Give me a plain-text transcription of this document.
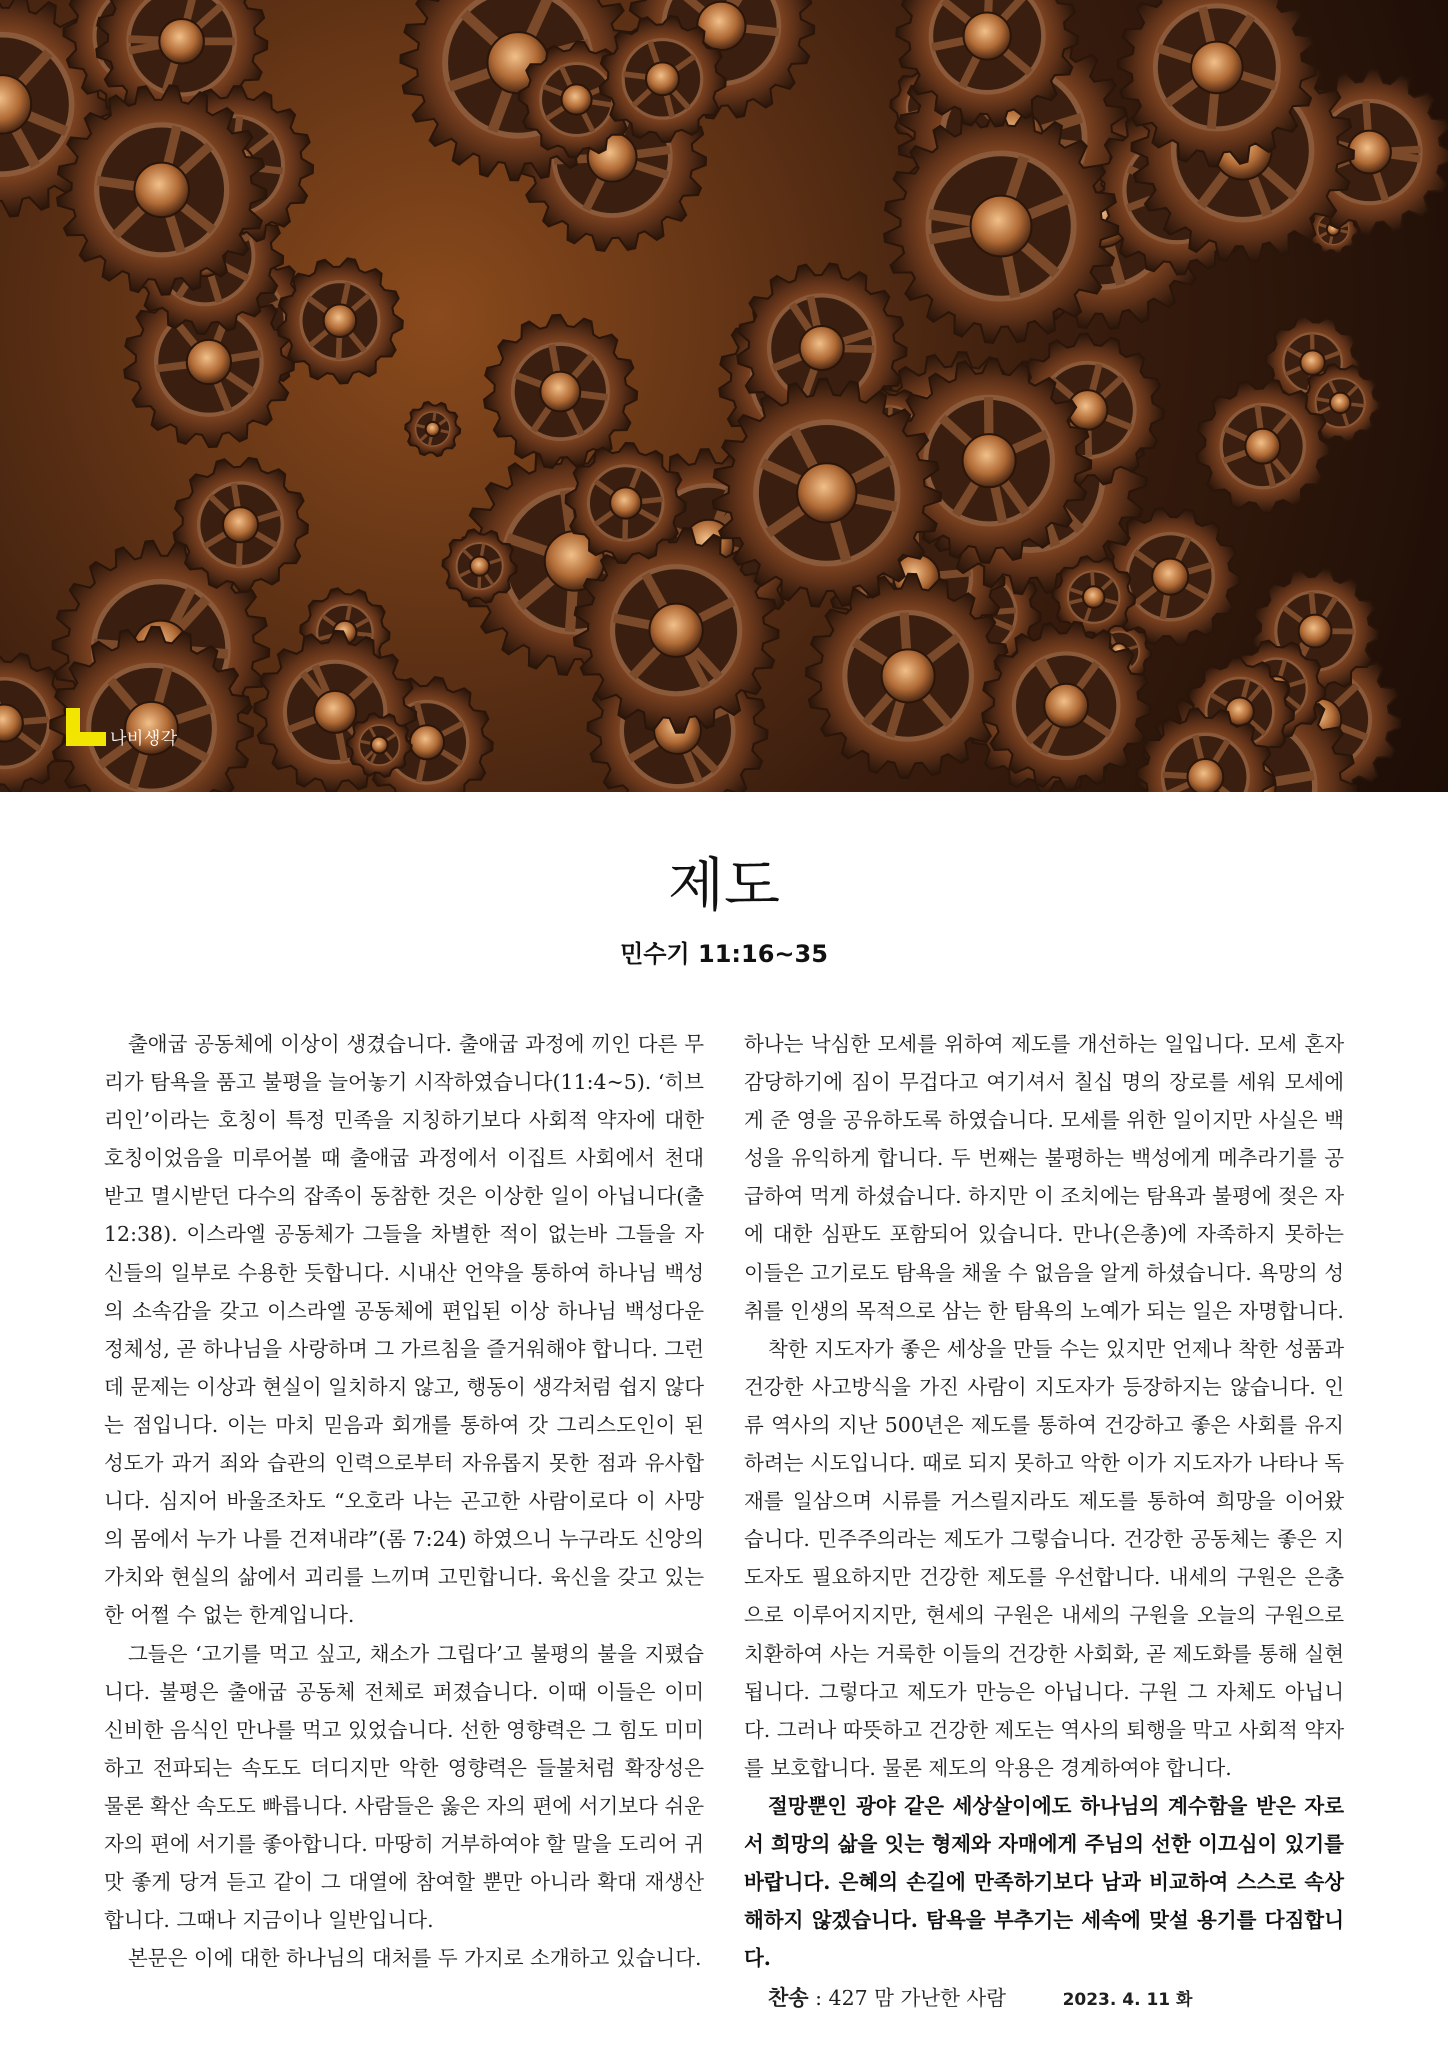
나비생각
제도
민수기 11:16~35

출애굽 공동체에 이상이 생겼습니다. 출애굽 과정에 끼인 다른 무리가 탐욕을 품고 불평을 늘어놓기 시작하였습니다(11:4~5). ‘히브리인’이라는 호칭이 특정 민족을 지칭하기보다 사회적 약자에 대한 호칭이었음을 미루어볼 때 출애굽 과정에서 이집트 사회에서 천대받고 멸시받던 다수의 잡족이 동참한 것은 이상한 일이 아닙니다(출 12:38). 이스라엘 공동체가 그들을 차별한 적이 없는바 그들을 자신들의 일부로 수용한 듯합니다. 시내산 언약을 통하여 하나님 백성의 소속감을 갖고 이스라엘 공동체에 편입된 이상 하나님 백성다운 정체성, 곧 하나님을 사랑하며 그 가르침을 즐거워해야 합니다. 그런데 문제는 이상과 현실이 일치하지 않고, 행동이 생각처럼 쉽지 않다는 점입니다. 이는 마치 믿음과 회개를 통하여 갓 그리스도인이 된 성도가 과거 죄와 습관의 인력으로부터 자유롭지 못한 점과 유사합니다. 심지어 바울조차도 “오호라 나는 곤고한 사람이로다 이 사망의 몸에서 누가 나를 건져내랴”(롬 7:24) 하였으니 누구라도 신앙의 가치와 현실의 삶에서 괴리를 느끼며 고민합니다. 육신을 갖고 있는 한 어쩔 수 없는 한계입니다.

그들은 ‘고기를 먹고 싶고, 채소가 그립다’고 불평의 불을 지폈습니다. 불평은 출애굽 공동체 전체로 퍼졌습니다. 이때 이들은 이미 신비한 음식인 만나를 먹고 있었습니다. 선한 영향력은 그 힘도 미미하고 전파되는 속도도 더디지만 악한 영향력은 들불처럼 확장성은 물론 확산 속도도 빠릅니다. 사람들은 옳은 자의 편에 서기보다 쉬운 자의 편에 서기를 좋아합니다. 마땅히 거부하여야 할 말을 도리어 귀맛 좋게 당겨 듣고 같이 그 대열에 참여할 뿐만 아니라 확대 재생산합니다. 그때나 지금이나 일반입니다.

본문은 이에 대한 하나님의 대처를 두 가지로 소개하고 있습니다.

하나는 낙심한 모세를 위하여 제도를 개선하는 일입니다. 모세 혼자 감당하기에 짐이 무겁다고 여기셔서 칠십 명의 장로를 세워 모세에게 준 영을 공유하도록 하였습니다. 모세를 위한 일이지만 사실은 백성을 유익하게 합니다. 두 번째는 불평하는 백성에게 메추라기를 공급하여 먹게 하셨습니다. 하지만 이 조치에는 탐욕과 불평에 젖은 자에 대한 심판도 포함되어 있습니다. 만나(은총)에 자족하지 못하는 이들은 고기로도 탐욕을 채울 수 없음을 알게 하셨습니다. 욕망의 성취를 인생의 목적으로 삼는 한 탐욕의 노예가 되는 일은 자명합니다.

착한 지도자가 좋은 세상을 만들 수는 있지만 언제나 착한 성품과 건강한 사고방식을 가진 사람이 지도자가 등장하지는 않습니다. 인류 역사의 지난 500년은 제도를 통하여 건강하고 좋은 사회를 유지하려는 시도입니다. 때로 되지 못하고 악한 이가 지도자가 나타나 독재를 일삼으며 시류를 거스릴지라도 제도를 통하여 희망을 이어왔습니다. 민주주의라는 제도가 그렇습니다. 건강한 공동체는 좋은 지도자도 필요하지만 건강한 제도를 우선합니다. 내세의 구원은 은총으로 이루어지지만, 현세의 구원은 내세의 구원을 오늘의 구원으로 치환하여 사는 거룩한 이들의 건강한 사회화, 곧 제도화를 통해 실현됩니다. 그렇다고 제도가 만능은 아닙니다. 구원 그 자체도 아닙니다. 그러나 따뜻하고 건강한 제도는 역사의 퇴행을 막고 사회적 약자를 보호합니다. 물론 제도의 악용은 경계하여야 합니다.

절망뿐인 광야 같은 세상살이에도 하나님의 계수함을 받은 자로서 희망의 삶을 잇는 형제와 자매에게 주님의 선한 이끄심이 있기를 바랍니다. 은혜의 손길에 만족하기보다 남과 비교하여 스스로 속상해하지 않겠습니다. 탐욕을 부추기는 세속에 맞설 용기를 다짐합니다.

찬송 : 427 맘 가난한 사람	2023. 4. 11 화
